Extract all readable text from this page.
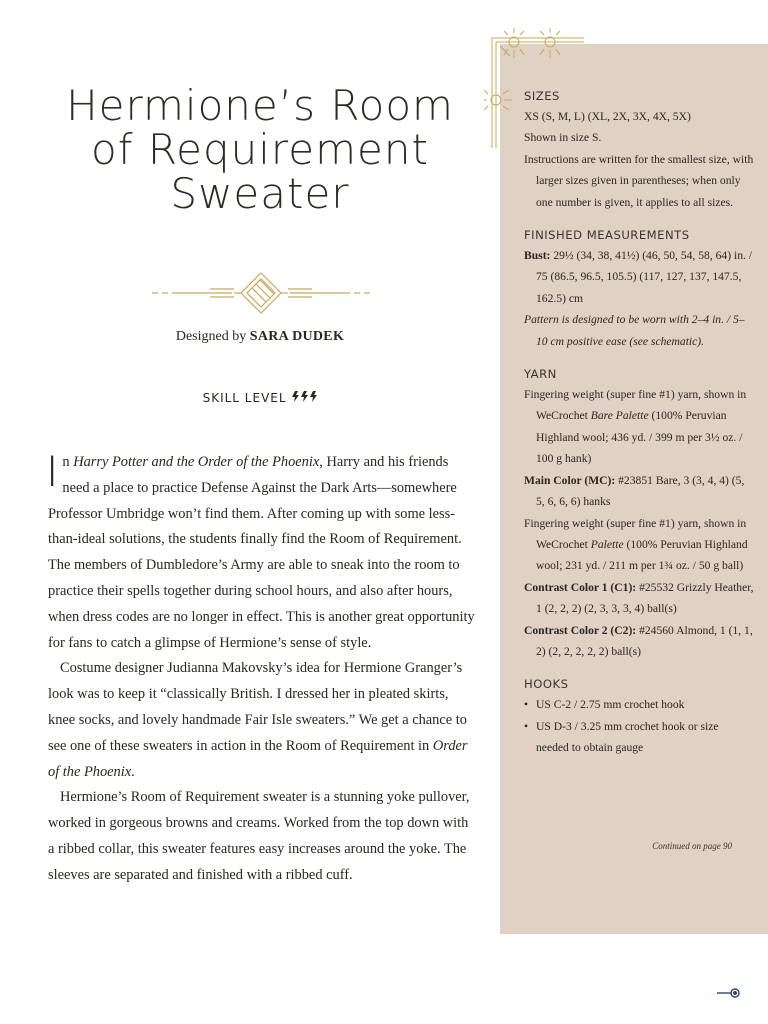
Hermione’s Room of Requirement Sweater
Designed by SARA DUDEK
SKILL LEVEL

In Harry Potter and the Order of the Phoenix, Harry and his friends need a place to practice Defense Against the Dark Arts—somewhere Professor Umbridge won’t find them. After coming up with some less-than-ideal solutions, the students finally find the Room of Requirement. The members of Dumbledore’s Army are able to sneak into the room to practice their spells together during school hours, and also after hours, when dress codes are no longer in effect. This is another great opportunity for fans to catch a glimpse of Hermione’s sense of style.

Costume designer Judianna Makovsky’s idea for Hermione Granger’s look was to keep it “classically British. I dressed her in pleated skirts, knee socks, and lovely handmade Fair Isle sweaters.” We get a chance to see one of these sweaters in action in the Room of Requirement in Order of the Phoenix.

Hermione’s Room of Requirement sweater is a stunning yoke pullover, worked in gorgeous browns and creams. Worked from the top down with a ribbed collar, this sweater features easy increases around the yoke. The sleeves are separated and finished with a ribbed cuff.

SIZES

XS (S, M, L) (XL, 2X, 3X, 4X, 5X)

Shown in size S.

Instructions are written for the smallest size, with larger sizes given in parentheses; when only one number is given, it applies to all sizes.

FINISHED MEASUREMENTS

Bust: 29½ (34, 38, 41½) (46, 50, 54, 58, 64) in. / 75 (86.5, 96.5, 105.5) (117, 127, 137, 147.5, 162.5) cm

Pattern is designed to be worn with 2–4 in. / 5–10 cm positive ease (see schematic).

YARN

Fingering weight (super fine #1) yarn, shown in WeCrochet Bare Palette (100% Peruvian Highland wool; 436 yd. / 399 m per 3½ oz. / 100 g hank)

Main Color (MC): #23851 Bare, 3 (3, 4, 4) (5, 5, 6, 6, 6) hanks

Fingering weight (super fine #1) yarn, shown in WeCrochet Palette (100% Peruvian Highland wool; 231 yd. / 211 m per 1¾ oz. / 50 g ball)

Contrast Color 1 (C1): #25532 Grizzly Heather, 1 (2, 2, 2) (2, 3, 3, 3, 4) ball(s)

Contrast Color 2 (C2): #24560 Almond, 1 (1, 1, 2) (2, 2, 2, 2, 2) ball(s)

HOOKS
• US C-2 / 2.75 mm crochet hook
• US D-3 / 3.25 mm crochet hook or size needed to obtain gauge
Continued on page 90
